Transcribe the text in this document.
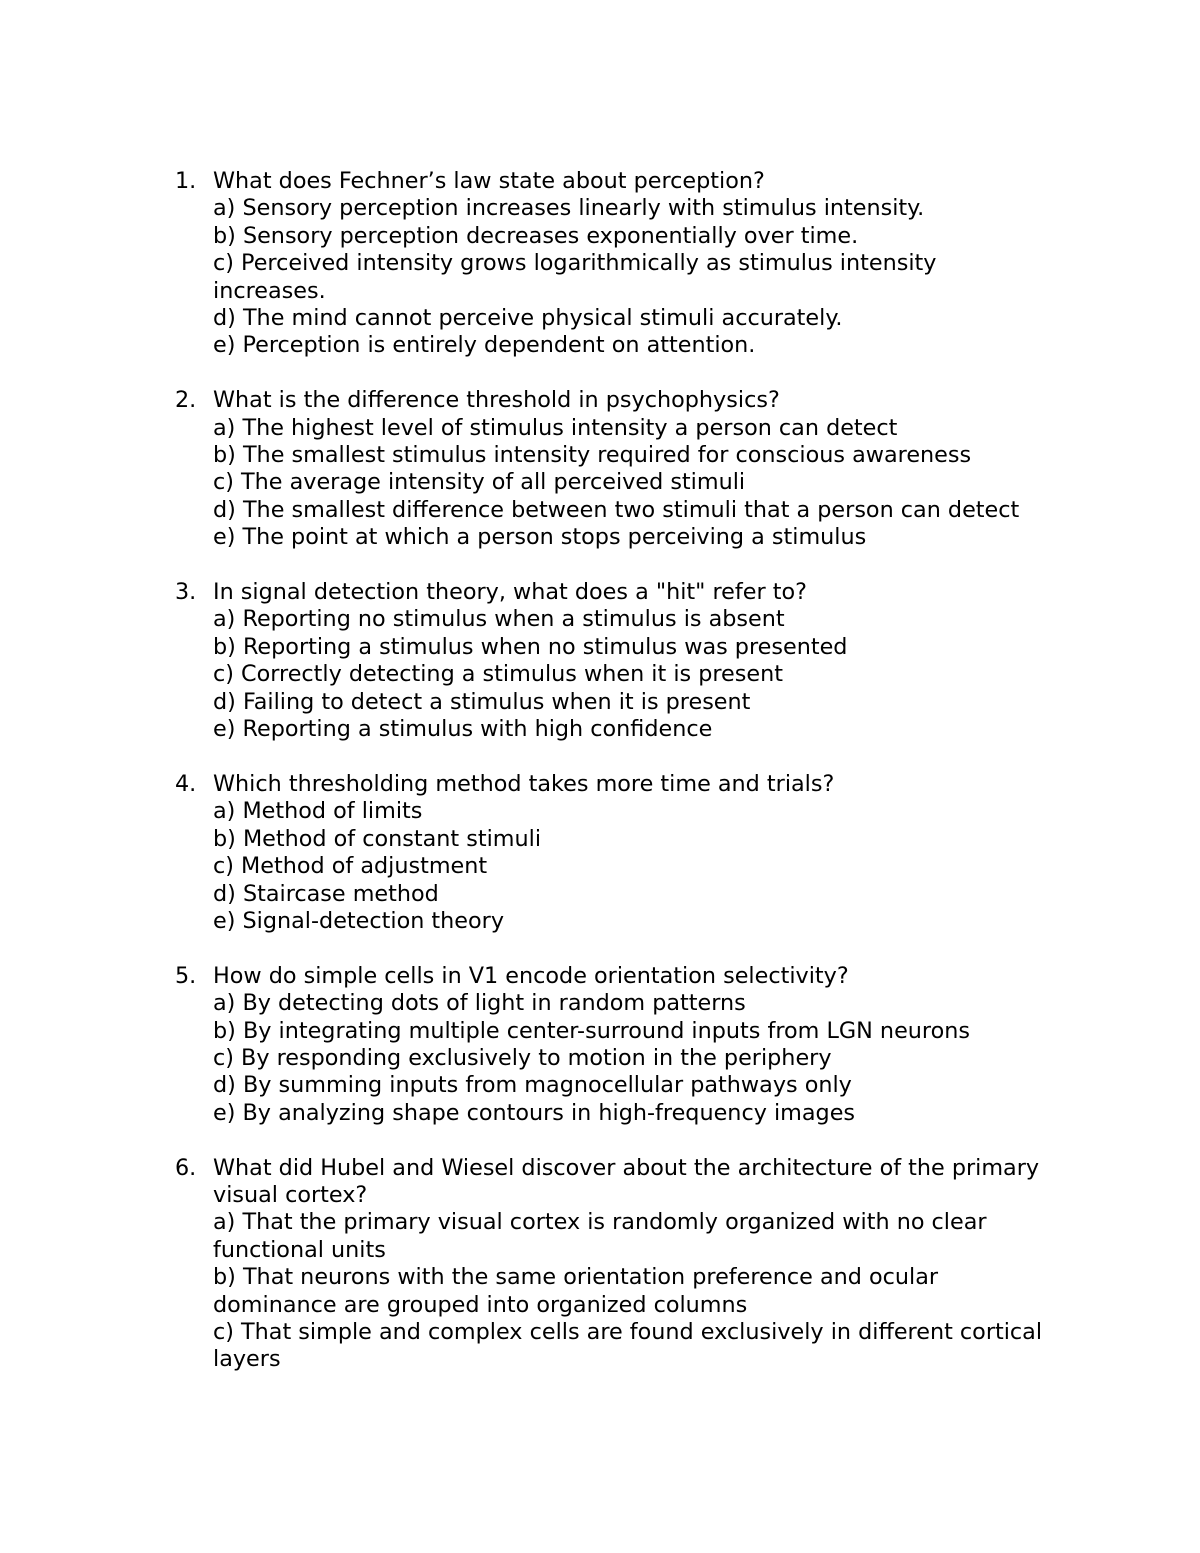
1. What does Fechner’s law state about perception?
a) Sensory perception increases linearly with stimulus intensity.
b) Sensory perception decreases exponentially over time.
c) Perceived intensity grows logarithmically as stimulus intensity increases.
d) The mind cannot perceive physical stimuli accurately.
e) Perception is entirely dependent on attention.
2. What is the difference threshold in psychophysics?
a) The highest level of stimulus intensity a person can detect
b) The smallest stimulus intensity required for conscious awareness
c) The average intensity of all perceived stimuli
d) The smallest difference between two stimuli that a person can detect
e) The point at which a person stops perceiving a stimulus
3. In signal detection theory, what does a "hit" refer to?
a) Reporting no stimulus when a stimulus is absent
b) Reporting a stimulus when no stimulus was presented
c) Correctly detecting a stimulus when it is present
d) Failing to detect a stimulus when it is present
e) Reporting a stimulus with high confidence
4. Which thresholding method takes more time and trials?
a) Method of limits
b) Method of constant stimuli
c) Method of adjustment
d) Staircase method
e) Signal-detection theory
5. How do simple cells in V1 encode orientation selectivity?
a) By detecting dots of light in random patterns
b) By integrating multiple center-surround inputs from LGN neurons
c) By responding exclusively to motion in the periphery
d) By summing inputs from magnocellular pathways only
e) By analyzing shape contours in high-frequency images
6. What did Hubel and Wiesel discover about the architecture of the primary visual cortex?
a) That the primary visual cortex is randomly organized with no clear functional units
b) That neurons with the same orientation preference and ocular dominance are grouped into organized columns
c) That simple and complex cells are found exclusively in different cortical layers
